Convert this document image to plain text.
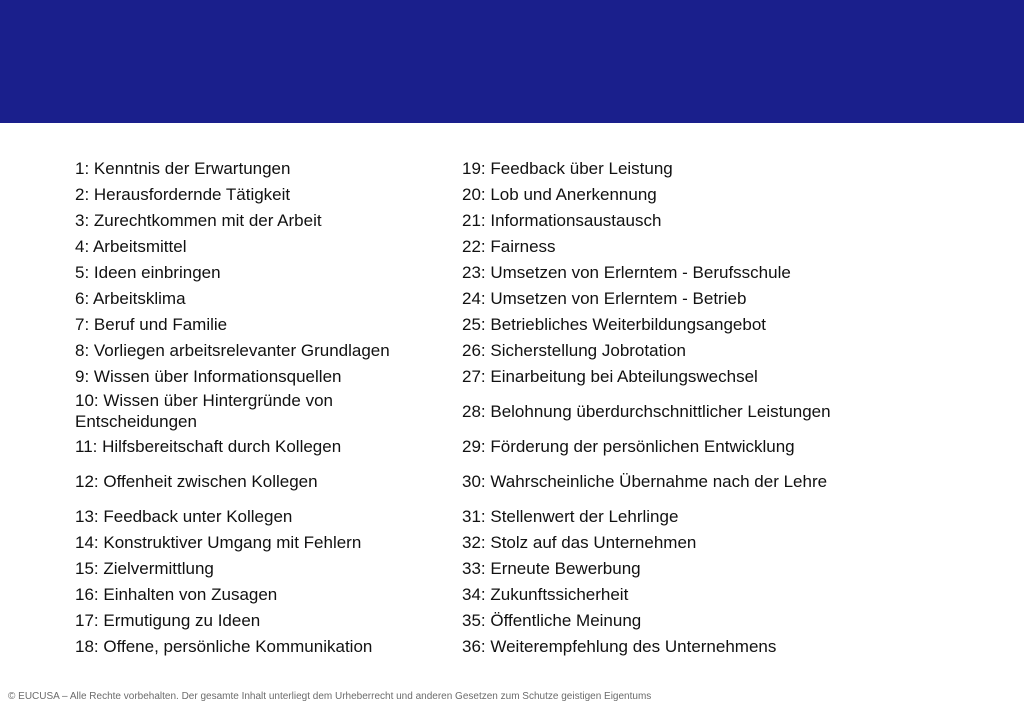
1: Kenntnis der Erwartungen
2: Herausfordernde Tätigkeit
3: Zurechtkommen mit der Arbeit
4: Arbeitsmittel
5: Ideen einbringen
6: Arbeitsklima
7: Beruf und Familie
8: Vorliegen arbeitsrelevanter Grundlagen
9: Wissen über Informationsquellen
10: Wissen über Hintergründe von Entscheidungen
11: Hilfsbereitschaft durch Kollegen
12: Offenheit zwischen Kollegen
13: Feedback unter Kollegen
14: Konstruktiver Umgang mit Fehlern
15: Zielvermittlung
16: Einhalten von Zusagen
17: Ermutigung zu Ideen
18: Offene, persönliche Kommunikation
19: Feedback über Leistung
20: Lob und Anerkennung
21: Informationsaustausch
22: Fairness
23: Umsetzen von Erlerntem - Berufsschule
24: Umsetzen von Erlerntem - Betrieb
25: Betriebliches Weiterbildungsangebot
26: Sicherstellung Jobrotation
27: Einarbeitung bei Abteilungswechsel
28: Belohnung überdurchschnittlicher Leistungen
29: Förderung der persönlichen Entwicklung
30: Wahrscheinliche Übernahme nach der Lehre
31: Stellenwert der Lehrlinge
32: Stolz auf das Unternehmen
33: Erneute Bewerbung
34: Zukunftssicherheit
35: Öffentliche Meinung
36: Weiterempfehlung des Unternehmens
© EUCUSA – Alle Rechte vorbehalten. Der gesamte Inhalt unterliegt dem Urheberrecht und anderen Gesetzen zum Schutze geistigen Eigentums
